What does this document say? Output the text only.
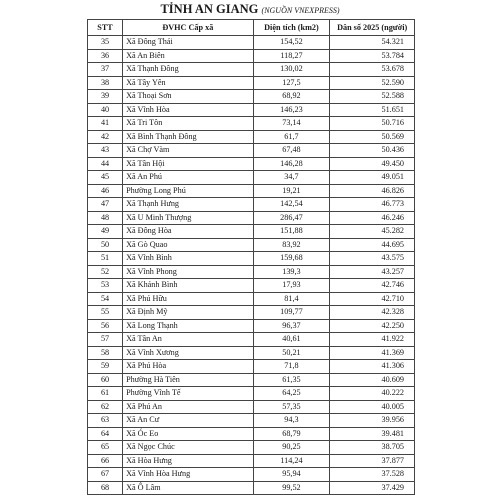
TỈNH AN GIANG (NGUỒN VNEXPRESS)
STT	ĐVHC Cấp xã	Diện tích (km2)	Dân số 2025 (người)
35	Xã Đông Thái	154,52	54.321
36	Xã An Biên	118,27	53.784
37	Xã Thạnh Đông	130,02	53.678
38	Xã Tây Yên	127,5	52.590
39	Xã Thoại Sơn	68,92	52.588
40	Xã Vĩnh Hòa	146,23	51.651
41	Xã Tri Tôn	73,14	50.716
42	Xã Bình Thạnh Đông	61,7	50.569
43	Xã Chợ Vàm	67,48	50.436
44	Xã Tân Hội	146,28	49.450
45	Xã An Phú	34,7	49.051
46	Phường Long Phú	19,21	46.826
47	Xã Thạnh Hưng	142,54	46.773
48	Xã U Minh Thượng	286,47	46.246
49	Xã Đông Hòa	151,88	45.282
50	Xã Gò Quao	83,92	44.695
51	Xã Vĩnh Bình	159,68	43.575
52	Xã Vĩnh Phong	139,3	43.257
53	Xã Khánh Bình	17,93	42.746
54	Xã Phú Hữu	81,4	42.710
55	Xã Định Mỹ	109,77	42.328
56	Xã Long Thạnh	96,37	42.250
57	Xã Tân An	40,61	41.922
58	Xã Vĩnh Xương	50,21	41.369
59	Xã Phú Hòa	71,8	41.306
60	Phường Hà Tiên	61,35	40.609
61	Phường Vĩnh Tế	64,25	40.222
62	Xã Phú An	57,35	40.005
63	Xã An Cư	94,3	39.956
64	Xã Óc Eo	68,79	39.481
65	Xã Ngọc Chúc	90,25	38.705
66	Xã Hòa Hưng	114,24	37.877
67	Xã Vĩnh Hòa Hưng	95,94	37.528
68	Xã Ô Lâm	99,52	37.429
